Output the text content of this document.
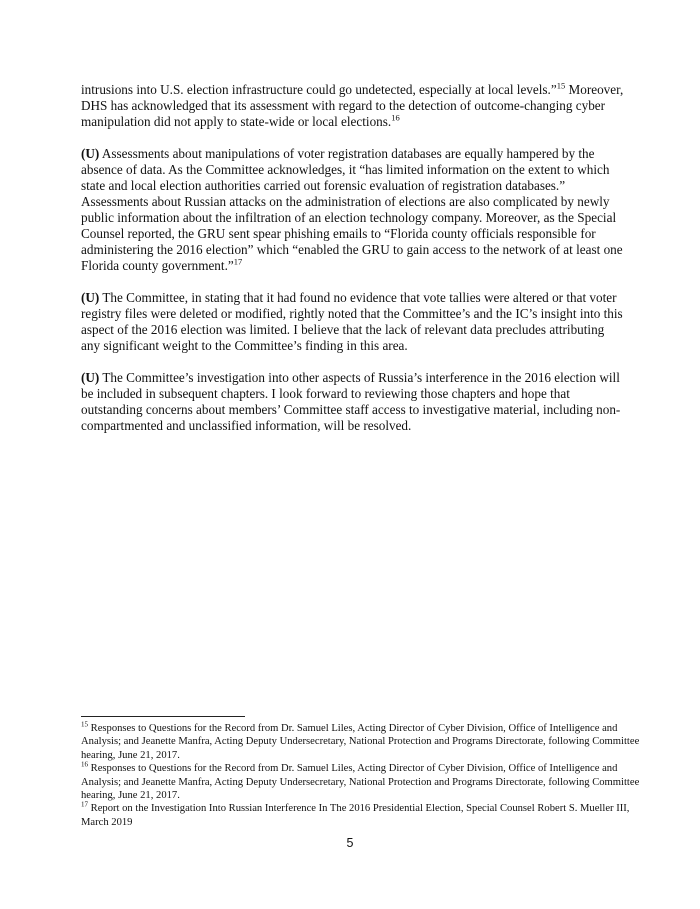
intrusions into U.S. election infrastructure could go undetected, especially at local levels.”$^{15}$ Moreover, DHS has acknowledged that its assessment with regard to the detection of outcome-changing cyber manipulation did not apply to state-wide or local elections.$^{16}$

(U) Assessments about manipulations of voter registration databases are equally hampered by the absence of data. As the Committee acknowledges, it “has limited information on the extent to which state and local election authorities carried out forensic evaluation of registration databases.” Assessments about Russian attacks on the administration of elections are also complicated by newly public information about the infiltration of an election technology company. Moreover, as the Special Counsel reported, the GRU sent spear phishing emails to “Florida county officials responsible for administering the 2016 election” which “enabled the GRU to gain access to the network of at least one Florida county government.”$^{17}$

(U) The Committee, in stating that it had found no evidence that vote tallies were altered or that voter registry files were deleted or modified, rightly noted that the Committee’s and the IC’s insight into this aspect of the 2016 election was limited. I believe that the lack of relevant data precludes attributing any significant weight to the Committee’s finding in this area.

(U) The Committee’s investigation into other aspects of Russia’s interference in the 2016 election will be included in subsequent chapters. I look forward to reviewing those chapters and hope that outstanding concerns about members’ Committee staff access to investigative material, including non-compartmented and unclassified information, will be resolved.

$^{15}$ Responses to Questions for the Record from Dr. Samuel Liles, Acting Director of Cyber Division, Office of Intelligence and Analysis; and Jeanette Manfra, Acting Deputy Undersecretary, National Protection and Programs Directorate, following Committee hearing, June 21, 2017.

$^{16}$ Responses to Questions for the Record from Dr. Samuel Liles, Acting Director of Cyber Division, Office of Intelligence and Analysis; and Jeanette Manfra, Acting Deputy Undersecretary, National Protection and Programs Directorate, following Committee hearing, June 21, 2017.

$^{17}$ Report on the Investigation Into Russian Interference In The 2016 Presidential Election, Special Counsel Robert S. Mueller III, March 2019

5
